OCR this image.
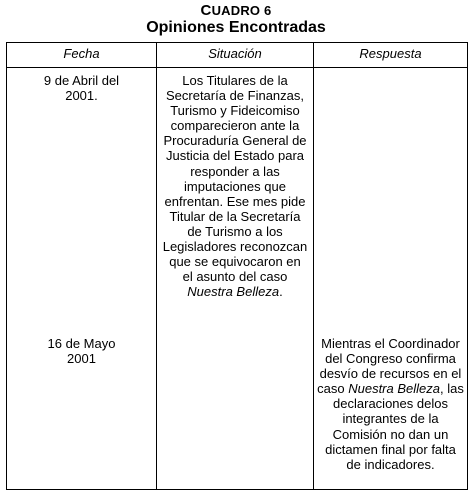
CUADRO 6
Opiniones Encontradas
Fecha	Situación	Respuesta
9 de Abril del
2001.
Los Titulares de la
Secretaría de Finanzas,
Turismo y Fideicomiso
comparecieron ante la
Procuraduría General de
Justicia del Estado para
responder a las
imputaciones que
enfrentan. Ese mes pide
Titular de la Secretaría
de Turismo a los
Legisladores reconozcan
que se equivocaron en
el asunto del caso
Nuestra Belleza.
16 de Mayo
2001
Mientras el Coordinador
del Congreso confirma
desvío de recursos en el
caso Nuestra Belleza, las
declaraciones delos
integrantes de la
Comisión no dan un
dictamen final por falta
de indicadores.
